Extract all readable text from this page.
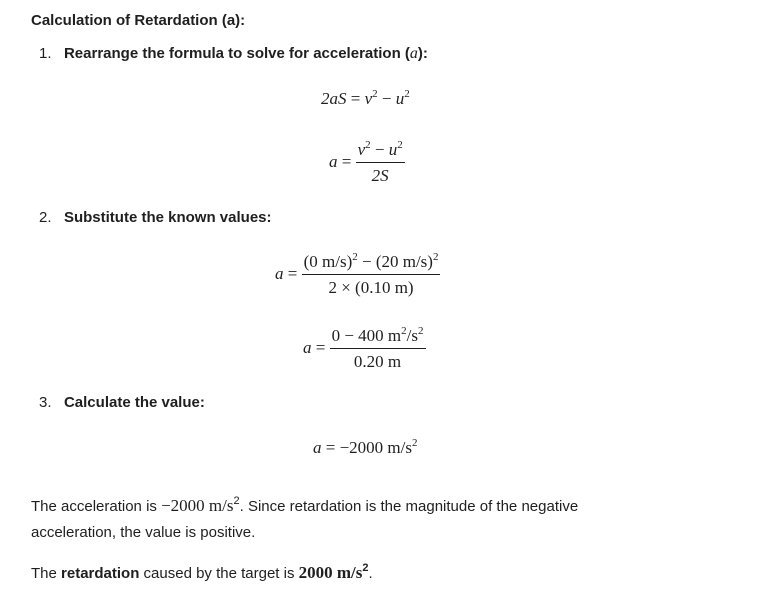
Calculation of Retardation (a):
1. Rearrange the formula to solve for acceleration (a):
$2aS = v^2 - u^2$
$a = \frac{v^2 - u^2}{2S}$
2. Substitute the known values:
$a = \frac{(0 m/s)^2 - (20 m/s)^2}{2 \times (0.10 m)}$
$a = \frac{0 - 400 m^2/s^2}{0.20 m}$
3. Calculate the value:
a = −2000 $m/s^2$
The acceleration is −2000 $m/s^2$. Since retardation is the magnitude of the negative acceleration, the value is positive.
The retardation caused by the target is 2000 $m/s^2$.
